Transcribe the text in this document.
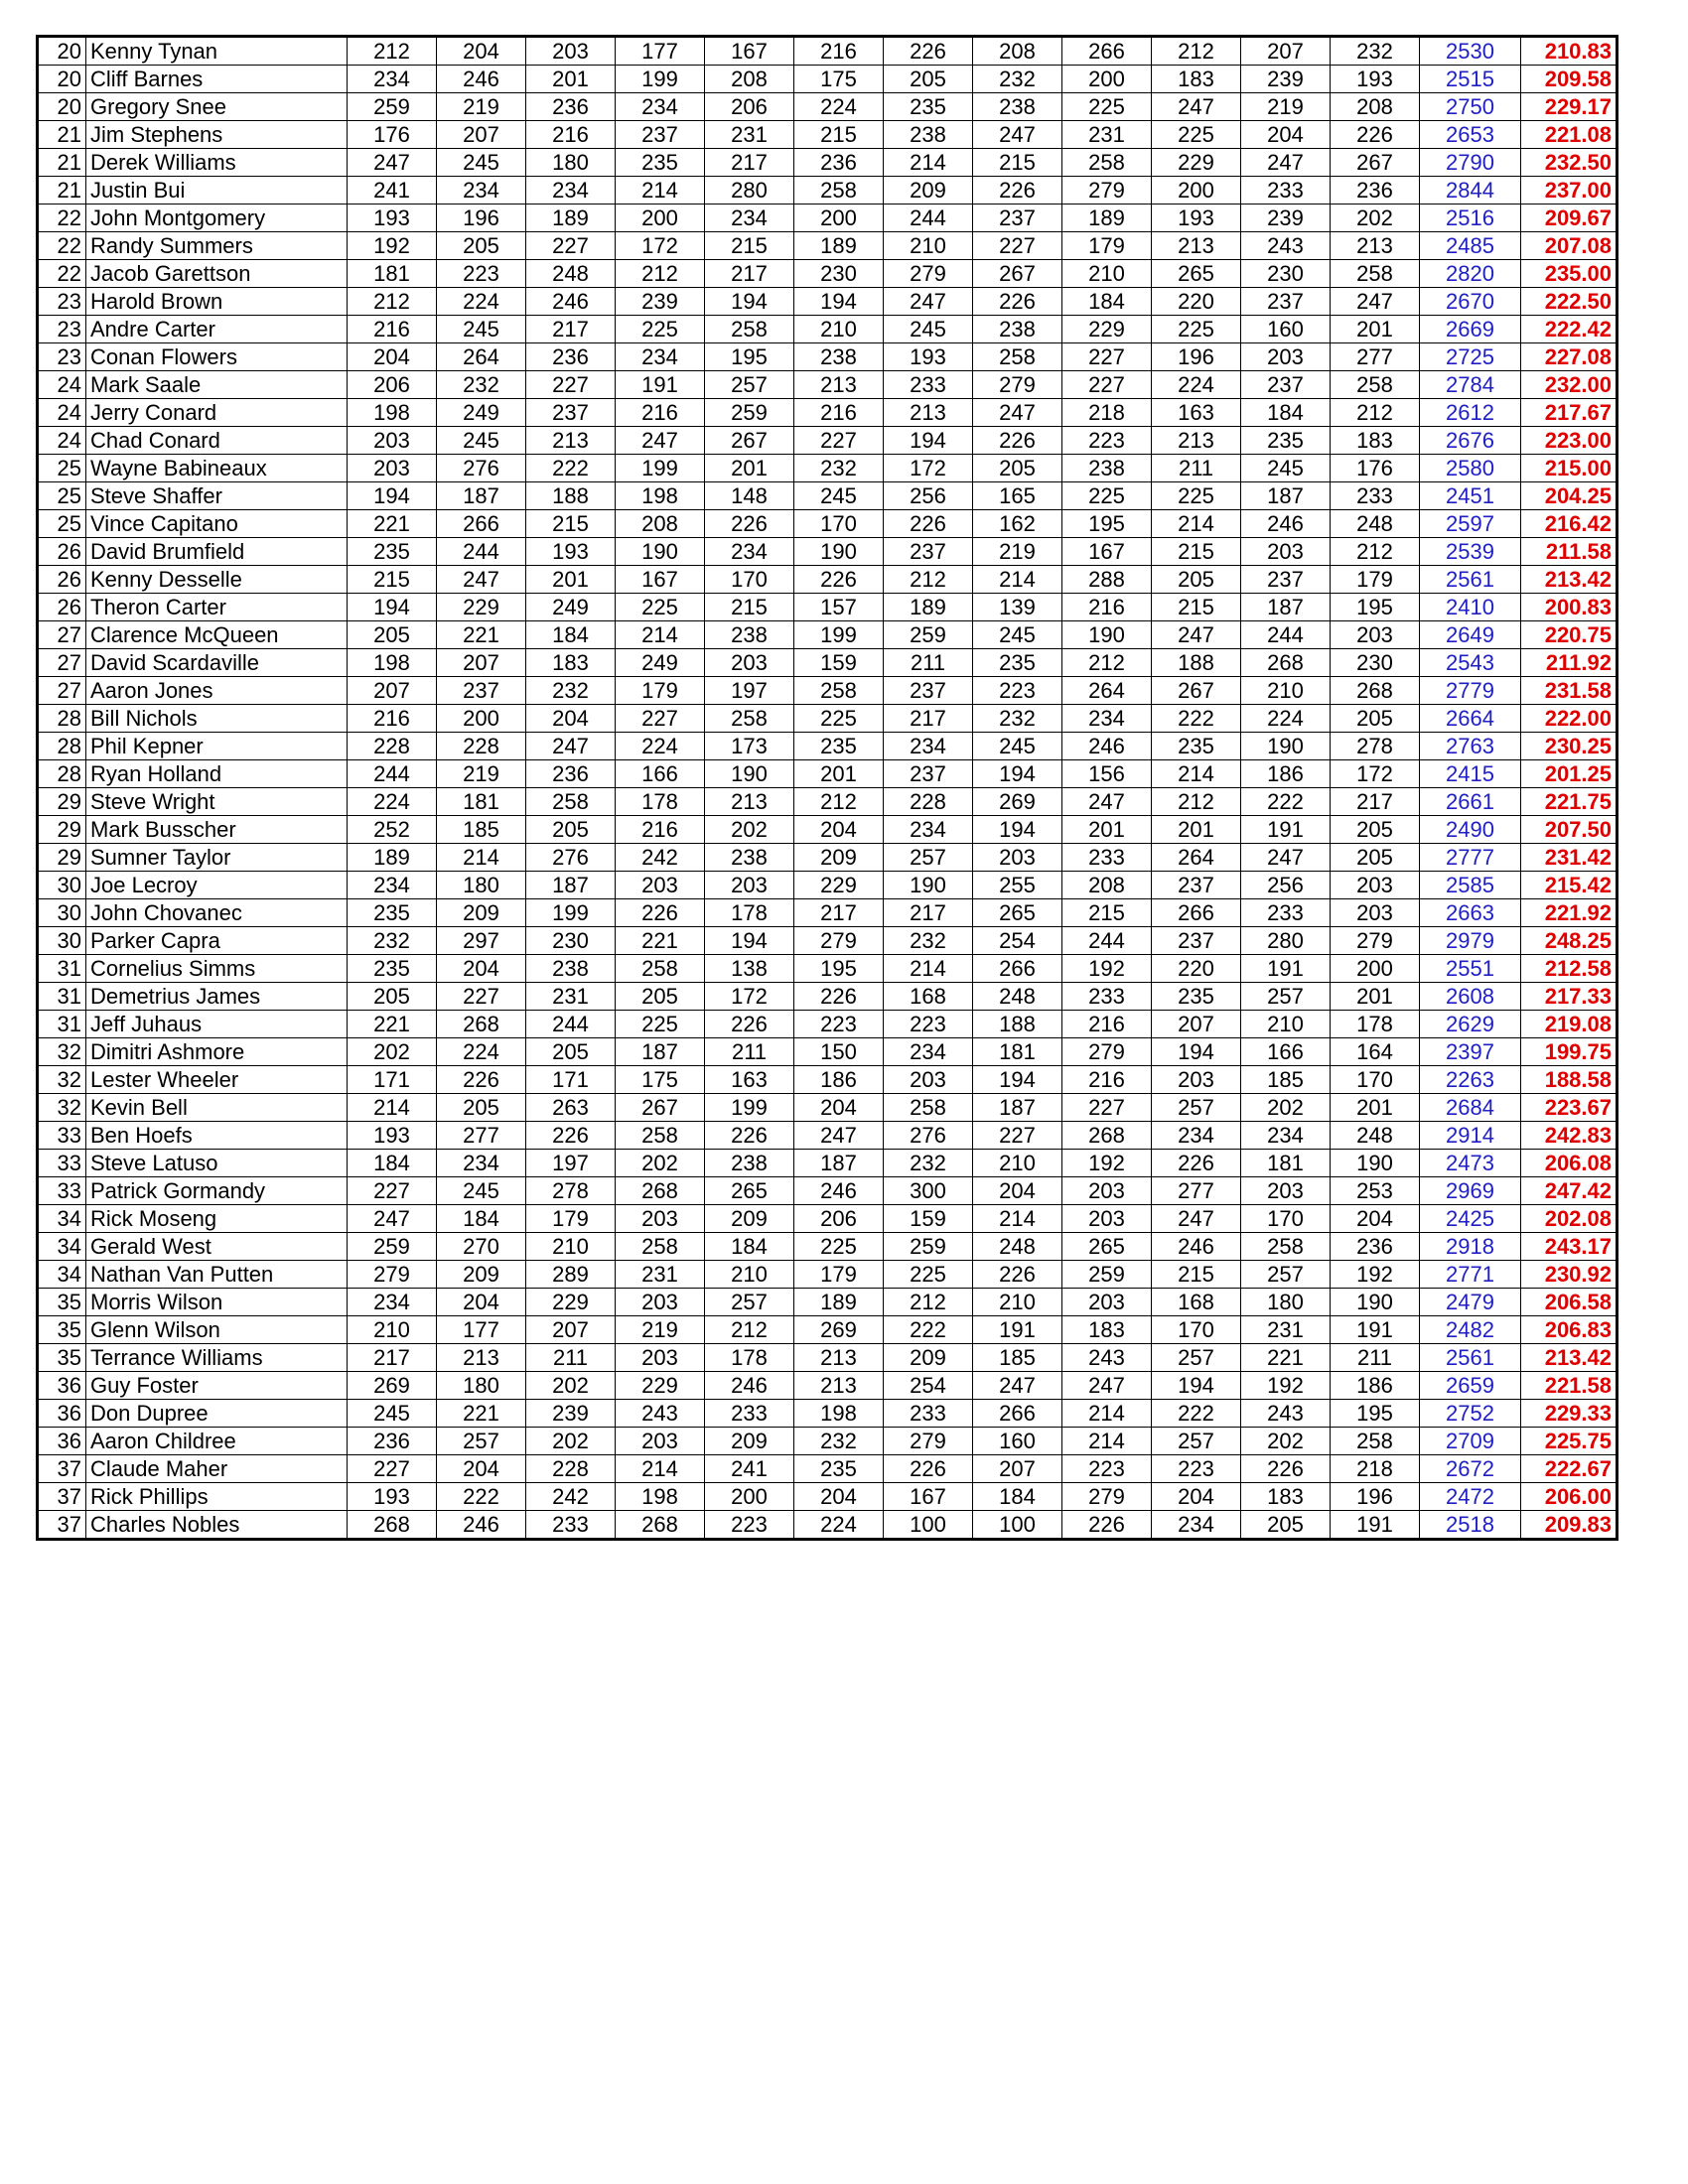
20	Kenny Tynan	212	204	203	177	167	216	226	208	266	212	207	232	2530	210.83
20	Cliff Barnes	234	246	201	199	208	175	205	232	200	183	239	193	2515	209.58
20	Gregory Snee	259	219	236	234	206	224	235	238	225	247	219	208	2750	229.17
21	Jim Stephens	176	207	216	237	231	215	238	247	231	225	204	226	2653	221.08
21	Derek Williams	247	245	180	235	217	236	214	215	258	229	247	267	2790	232.50
21	Justin Bui	241	234	234	214	280	258	209	226	279	200	233	236	2844	237.00
22	John Montgomery	193	196	189	200	234	200	244	237	189	193	239	202	2516	209.67
22	Randy Summers	192	205	227	172	215	189	210	227	179	213	243	213	2485	207.08
22	Jacob Garettson	181	223	248	212	217	230	279	267	210	265	230	258	2820	235.00
23	Harold Brown	212	224	246	239	194	194	247	226	184	220	237	247	2670	222.50
23	Andre Carter	216	245	217	225	258	210	245	238	229	225	160	201	2669	222.42
23	Conan Flowers	204	264	236	234	195	238	193	258	227	196	203	277	2725	227.08
24	Mark Saale	206	232	227	191	257	213	233	279	227	224	237	258	2784	232.00
24	Jerry Conard	198	249	237	216	259	216	213	247	218	163	184	212	2612	217.67
24	Chad Conard	203	245	213	247	267	227	194	226	223	213	235	183	2676	223.00
25	Wayne Babineaux	203	276	222	199	201	232	172	205	238	211	245	176	2580	215.00
25	Steve Shaffer	194	187	188	198	148	245	256	165	225	225	187	233	2451	204.25
25	Vince Capitano	221	266	215	208	226	170	226	162	195	214	246	248	2597	216.42
26	David Brumfield	235	244	193	190	234	190	237	219	167	215	203	212	2539	211.58
26	Kenny Desselle	215	247	201	167	170	226	212	214	288	205	237	179	2561	213.42
26	Theron Carter	194	229	249	225	215	157	189	139	216	215	187	195	2410	200.83
27	Clarence McQueen	205	221	184	214	238	199	259	245	190	247	244	203	2649	220.75
27	David Scardaville	198	207	183	249	203	159	211	235	212	188	268	230	2543	211.92
27	Aaron Jones	207	237	232	179	197	258	237	223	264	267	210	268	2779	231.58
28	Bill Nichols	216	200	204	227	258	225	217	232	234	222	224	205	2664	222.00
28	Phil Kepner	228	228	247	224	173	235	234	245	246	235	190	278	2763	230.25
28	Ryan Holland	244	219	236	166	190	201	237	194	156	214	186	172	2415	201.25
29	Steve Wright	224	181	258	178	213	212	228	269	247	212	222	217	2661	221.75
29	Mark Busscher	252	185	205	216	202	204	234	194	201	201	191	205	2490	207.50
29	Sumner Taylor	189	214	276	242	238	209	257	203	233	264	247	205	2777	231.42
30	Joe Lecroy	234	180	187	203	203	229	190	255	208	237	256	203	2585	215.42
30	John Chovanec	235	209	199	226	178	217	217	265	215	266	233	203	2663	221.92
30	Parker Capra	232	297	230	221	194	279	232	254	244	237	280	279	2979	248.25
31	Cornelius Simms	235	204	238	258	138	195	214	266	192	220	191	200	2551	212.58
31	Demetrius James	205	227	231	205	172	226	168	248	233	235	257	201	2608	217.33
31	Jeff Juhaus	221	268	244	225	226	223	223	188	216	207	210	178	2629	219.08
32	Dimitri Ashmore	202	224	205	187	211	150	234	181	279	194	166	164	2397	199.75
32	Lester Wheeler	171	226	171	175	163	186	203	194	216	203	185	170	2263	188.58
32	Kevin Bell	214	205	263	267	199	204	258	187	227	257	202	201	2684	223.67
33	Ben Hoefs	193	277	226	258	226	247	276	227	268	234	234	248	2914	242.83
33	Steve Latuso	184	234	197	202	238	187	232	210	192	226	181	190	2473	206.08
33	Patrick Gormandy	227	245	278	268	265	246	300	204	203	277	203	253	2969	247.42
34	Rick Moseng	247	184	179	203	209	206	159	214	203	247	170	204	2425	202.08
34	Gerald West	259	270	210	258	184	225	259	248	265	246	258	236	2918	243.17
34	Nathan Van Putten	279	209	289	231	210	179	225	226	259	215	257	192	2771	230.92
35	Morris Wilson	234	204	229	203	257	189	212	210	203	168	180	190	2479	206.58
35	Glenn Wilson	210	177	207	219	212	269	222	191	183	170	231	191	2482	206.83
35	Terrance Williams	217	213	211	203	178	213	209	185	243	257	221	211	2561	213.42
36	Guy Foster	269	180	202	229	246	213	254	247	247	194	192	186	2659	221.58
36	Don Dupree	245	221	239	243	233	198	233	266	214	222	243	195	2752	229.33
36	Aaron Childree	236	257	202	203	209	232	279	160	214	257	202	258	2709	225.75
37	Claude Maher	227	204	228	214	241	235	226	207	223	223	226	218	2672	222.67
37	Rick Phillips	193	222	242	198	200	204	167	184	279	204	183	196	2472	206.00
37	Charles Nobles	268	246	233	268	223	224	100	100	226	234	205	191	2518	209.83
